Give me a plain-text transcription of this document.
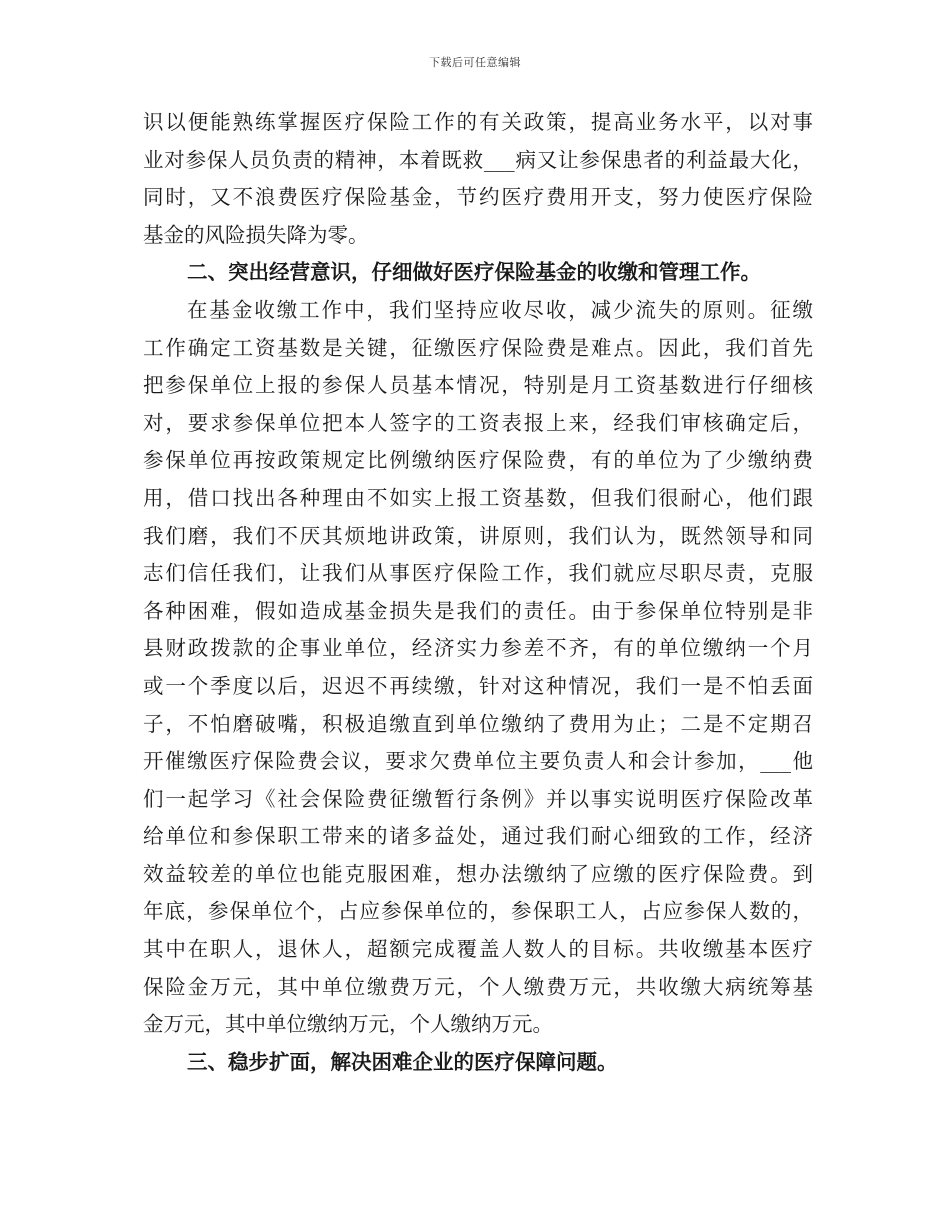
下载后可任意编辑
识以便能熟练掌握医疗保险工作的有关政策，提高业务水平，以对事
业对参保人员负责的精神，本着既救___病又让参保患者的利益最大化，
同时，又不浪费医疗保险基金，节约医疗费用开支，努力使医疗保险
基金的风险损失降为零。
二、突出经营意识，仔细做好医疗保险基金的收缴和管理工作。
在基金收缴工作中，我们坚持应收尽收，减少流失的原则。征缴
工作确定工资基数是关键，征缴医疗保险费是难点。因此，我们首先
把参保单位上报的参保人员基本情况，特别是月工资基数进行仔细核
对，要求参保单位把本人签字的工资表报上来，经我们审核确定后，
参保单位再按政策规定比例缴纳医疗保险费，有的单位为了少缴纳费
用，借口找出各种理由不如实上报工资基数，但我们很耐心，他们跟
我们磨，我们不厌其烦地讲政策，讲原则，我们认为，既然领导和同
志们信任我们，让我们从事医疗保险工作，我们就应尽职尽责，克服
各种困难，假如造成基金损失是我们的责任。由于参保单位特别是非
县财政拨款的企事业单位，经济实力参差不齐，有的单位缴纳一个月
或一个季度以后，迟迟不再续缴，针对这种情况，我们一是不怕丢面
子，不怕磨破嘴，积极追缴直到单位缴纳了费用为止；二是不定期召
开催缴医疗保险费会议，要求欠费单位主要负责人和会计参加，___他
们一起学习《社会保险费征缴暂行条例》并以事实说明医疗保险改革
给单位和参保职工带来的诸多益处，通过我们耐心细致的工作，经济
效益较差的单位也能克服困难，想办法缴纳了应缴的医疗保险费。到
年底，参保单位个，占应参保单位的，参保职工人，占应参保人数的，
其中在职人，退休人，超额完成覆盖人数人的目标。共收缴基本医疗
保险金万元，其中单位缴费万元，个人缴费万元，共收缴大病统筹基
金万元，其中单位缴纳万元，个人缴纳万元。
三、稳步扩面，解决困难企业的医疗保障问题。
